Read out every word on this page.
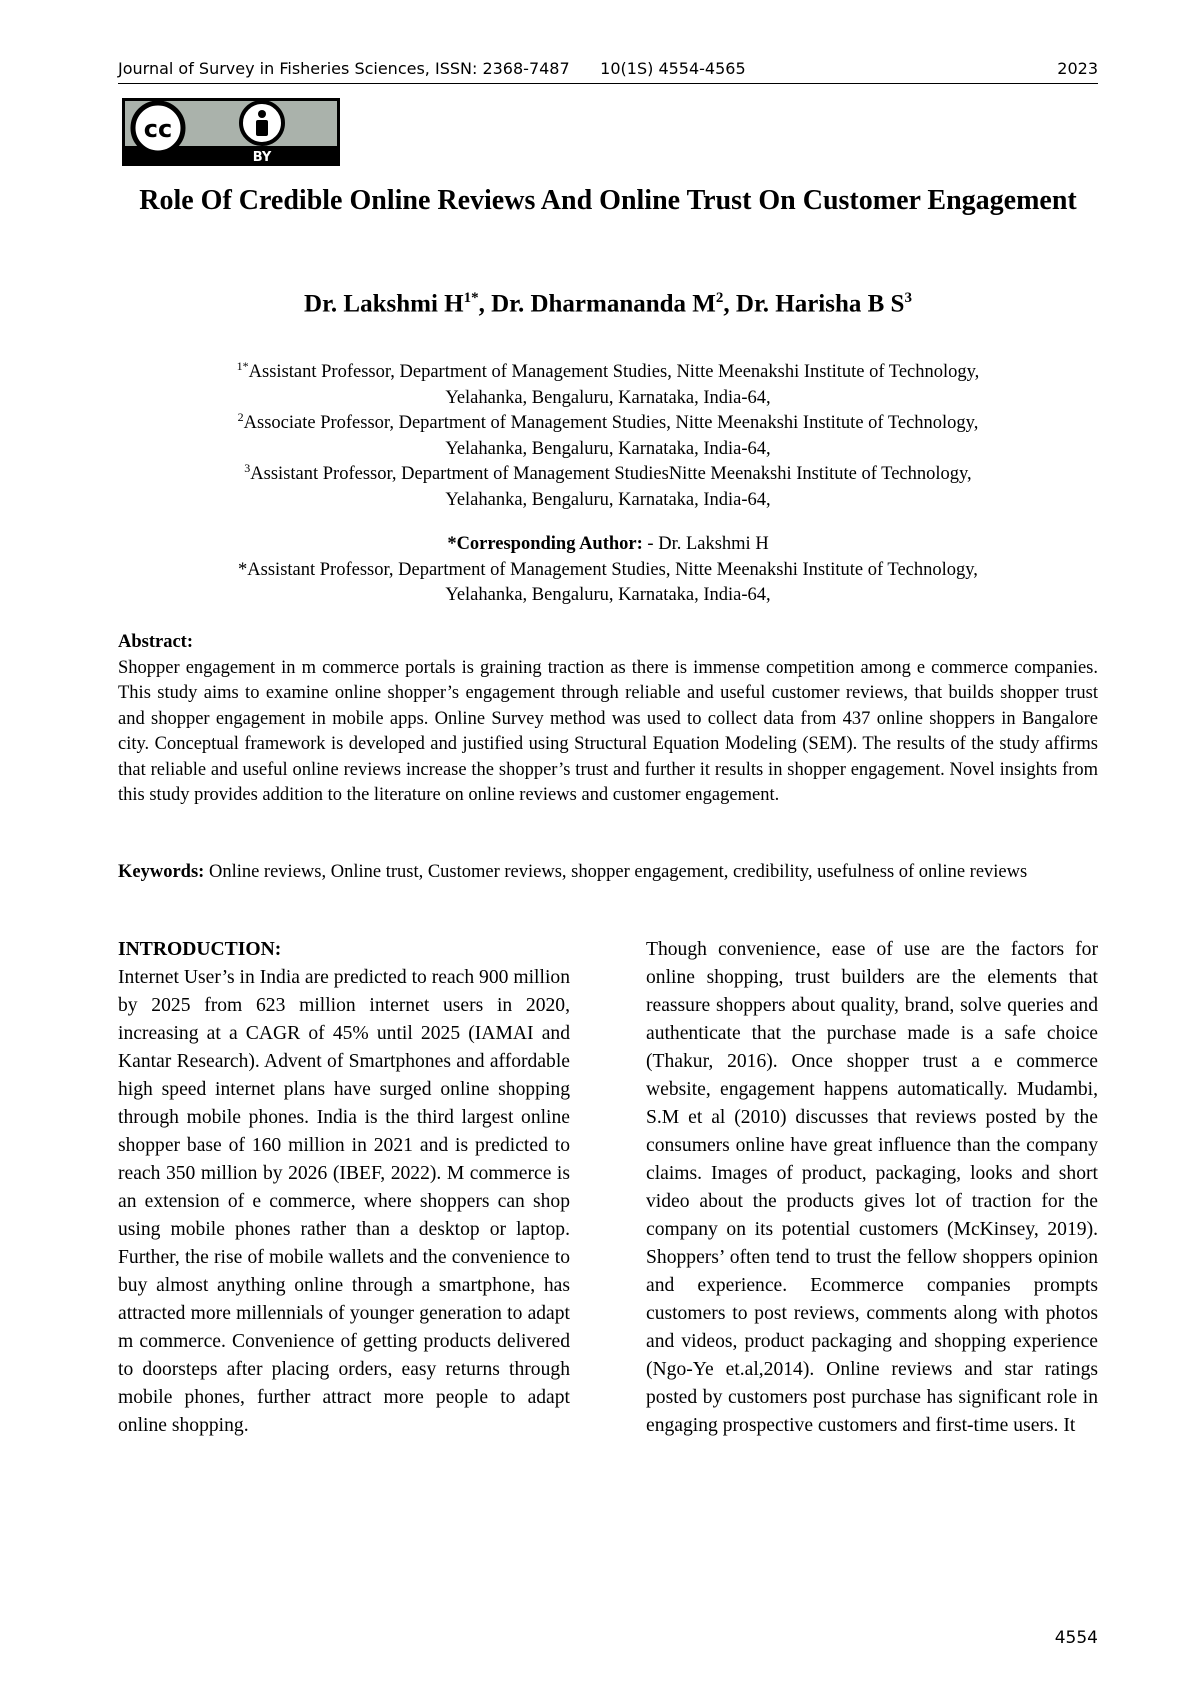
Journal of Survey in Fisheries Sciences, ISSN: 2368-7487      10(1S) 4554-4565	2023
cc
BY
Role Of Credible Online Reviews And Online Trust On Customer Engagement
Dr. Lakshmi $H^{1*}$, Dr. Dharmananda $M^2$, Dr. Harisha B $S^3$
$^{1*}$Assistant Professor, Department of Management Studies, Nitte Meenakshi Institute of Technology,
Yelahanka, Bengaluru, Karnataka, India-64,
$^2$Associate Professor, Department of Management Studies, Nitte Meenakshi Institute of Technology,
Yelahanka, Bengaluru, Karnataka, India-64,
$^3$Assistant Professor, Department of Management StudiesNitte Meenakshi Institute of Technology,
Yelahanka, Bengaluru, Karnataka, India-64,
*Corresponding Author: - Dr. Lakshmi H
*Assistant Professor, Department of Management Studies, Nitte Meenakshi Institute of Technology,
Yelahanka, Bengaluru, Karnataka, India-64,

Abstract:

Shopper engagement in m commerce portals is graining traction as there is immense competition among e commerce companies. This study aims to examine online shopper’s engagement through reliable and useful customer reviews, that builds shopper trust and shopper engagement in mobile apps. Online Survey method was used to collect data from 437 online shoppers in Bangalore city. Conceptual framework is developed and justified using Structural Equation Modeling (SEM). The results of the study affirms that reliable and useful online reviews increase the shopper’s trust and further it results in shopper engagement. Novel insights from this study provides addition to the literature on online reviews and customer engagement.

Keywords: Online reviews, Online trust, Customer reviews, shopper engagement, credibility, usefulness of online reviews

INTRODUCTION:

Internet User’s in India are predicted to reach 900 million by 2025 from 623 million internet users in 2020, increasing at a CAGR of 45% until 2025 (IAMAI and Kantar Research). Advent of Smartphones and affordable high speed internet plans have surged online shopping through mobile phones. India is the third largest online shopper base of 160 million in 2021 and is predicted to reach 350 million by 2026 (IBEF, 2022). M commerce is an extension of e commerce, where shoppers can shop using mobile phones rather than a desktop or laptop. Further, the rise of mobile wallets and the convenience to buy almost anything online through a smartphone, has attracted more millennials of younger generation to adapt m commerce. Convenience of getting products delivered to doorsteps after placing orders, easy returns through mobile phones, further attract more people to adapt online shopping.

Though convenience, ease of use are the factors for online shopping, trust builders are the elements that reassure shoppers about quality, brand, solve queries and authenticate that the purchase made is a safe choice (Thakur, 2016). Once shopper trust a e commerce website, engagement happens automatically. Mudambi, S.M et al (2010) discusses that reviews posted by the consumers online have great influence than the company claims. Images of product, packaging, looks and short video about the products gives lot of traction for the company on its potential customers (McKinsey, 2019). Shoppers’ often tend to trust the fellow shoppers opinion and experience. Ecommerce companies prompts customers to post reviews, comments along with photos and videos, product packaging and shopping experience (Ngo-Ye et.al,2014). Online reviews and star ratings posted by customers post purchase has significant role in engaging prospective customers and first-time users. It

4554
